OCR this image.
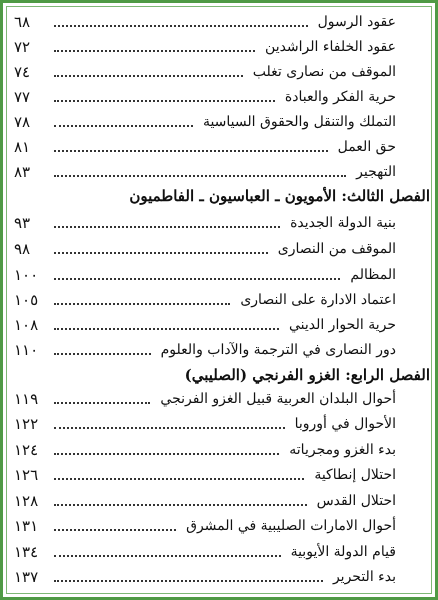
عقود الرسول
٦٨
عقود الخلفاء الراشدين
٧٢
الموقف من نصارى تغلب
٧٤
حرية الفكر والعبادة
٧٧
التملك والتنقل والحقوق السياسية
٧٨
حق العمل
٨١
التهجير
٨٣
الفصل الثالث: الأمويون ـ العباسيون ـ الفاطميون
بنية الدولة الجديدة
٩٣
الموقف من النصارى
٩٨
المظالم
١٠٠
اعتماد الادارة على النصارى
١٠٥
حرية الحوار الديني
١٠٨
دور النصارى في الترجمة والآداب والعلوم
١١٠
الفصل الرابع: الغزو الفرنجي (الصليبي)
أحوال البلدان العربية قبيل الغزو الفرنجي
١١٩
الأحوال في أوروبا
١٢٢
بدء الغزو ومجرياته
١٢٤
احتلال إنطاكية
١٢٦
احتلال القدس
١٢٨
أحوال الامارات الصليبية في المشرق
١٣١
قيام الدولة الأيوبية
١٣٤
بدء التحرير
١٣٧
